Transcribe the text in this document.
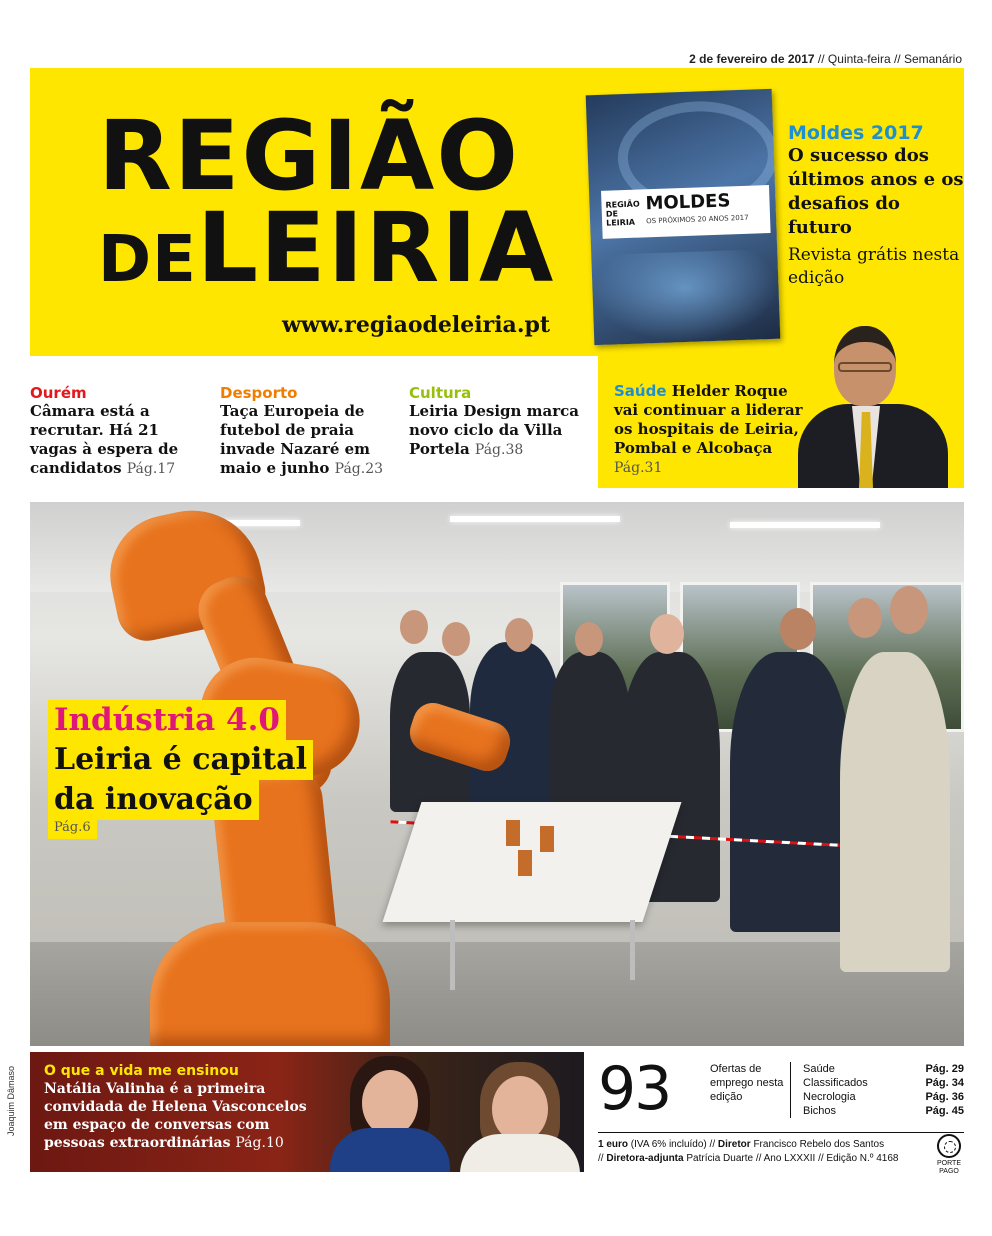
2 de fevereiro de 2017 // Quinta-feira // Semanário
REGIÃO
DELEIRIA
www.regiaodeleiria.pt
REGIÃO DE LEIRIA
MOLDES
OS PRÓXIMOS 20 ANOS 2017
Moldes 2017
O sucesso dos últimos anos e os desafios do futuro
Revista grátis nesta edição
Ourém
Câmara está a recrutar. Há 21 vagas à espera de candidatos Pág.17
Desporto
Taça Europeia de futebol de praia invade Nazaré em maio e junho Pág.23
Cultura
Leiria Design marca novo ciclo da Villa Portela Pág.38
Saúde Helder Roque vai continuar a liderar os hospitais de Leiria, Pombal e Alcobaça Pág.31
Joaquim Dâmaso
Indústria 4.0
Leiria é capital
da inovação
Pág.6
O que a vida me ensinou
Natália Valinha é a primeira convidada de Helena Vasconcelos em espaço de conversas com pessoas extraordinárias Pág.10
93	Ofertas de emprego nesta edição
Saúde	Pág. 29
Classificados	Pág. 34
Necrologia	Pág. 36
Bichos	Pág. 45
1 euro (IVA 6% incluído) // Diretor Francisco Rebelo dos Santos
// Diretora-adjunta Patrícia Duarte // Ano LXXXII // Edição N.º 4168	PORTE PAGO
